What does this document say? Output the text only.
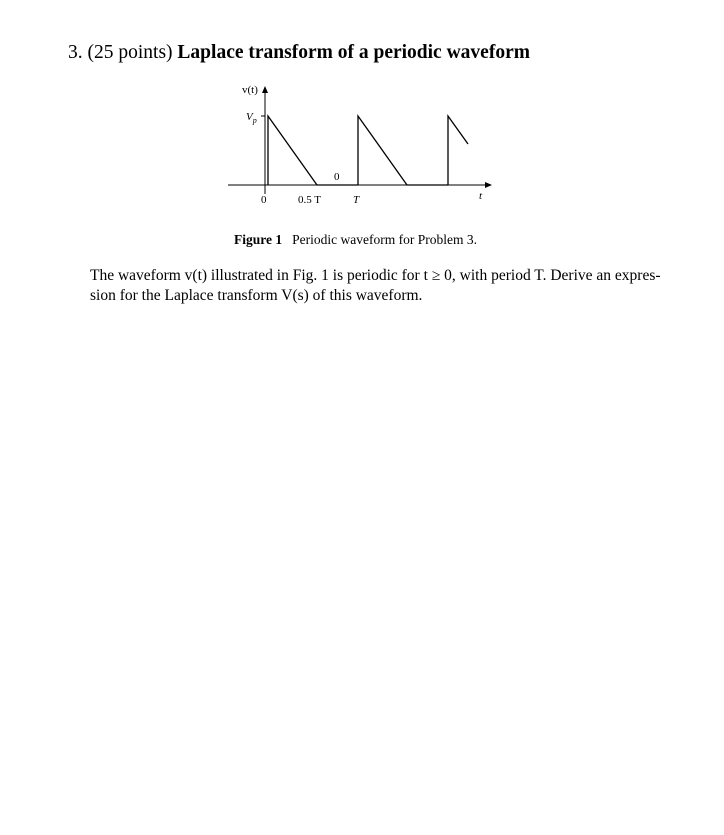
3. (25 points) Laplace transform of a periodic waveform
v(t)
$V_p$
0
0	0.5 T	T	t
Figure 1 Periodic waveform for Problem 3.
The waveform v(t) illustrated in Fig. 1 is periodic for t ≥ 0, with period T. Derive an expres-
sion for the Laplace transform V(s) of this waveform.
